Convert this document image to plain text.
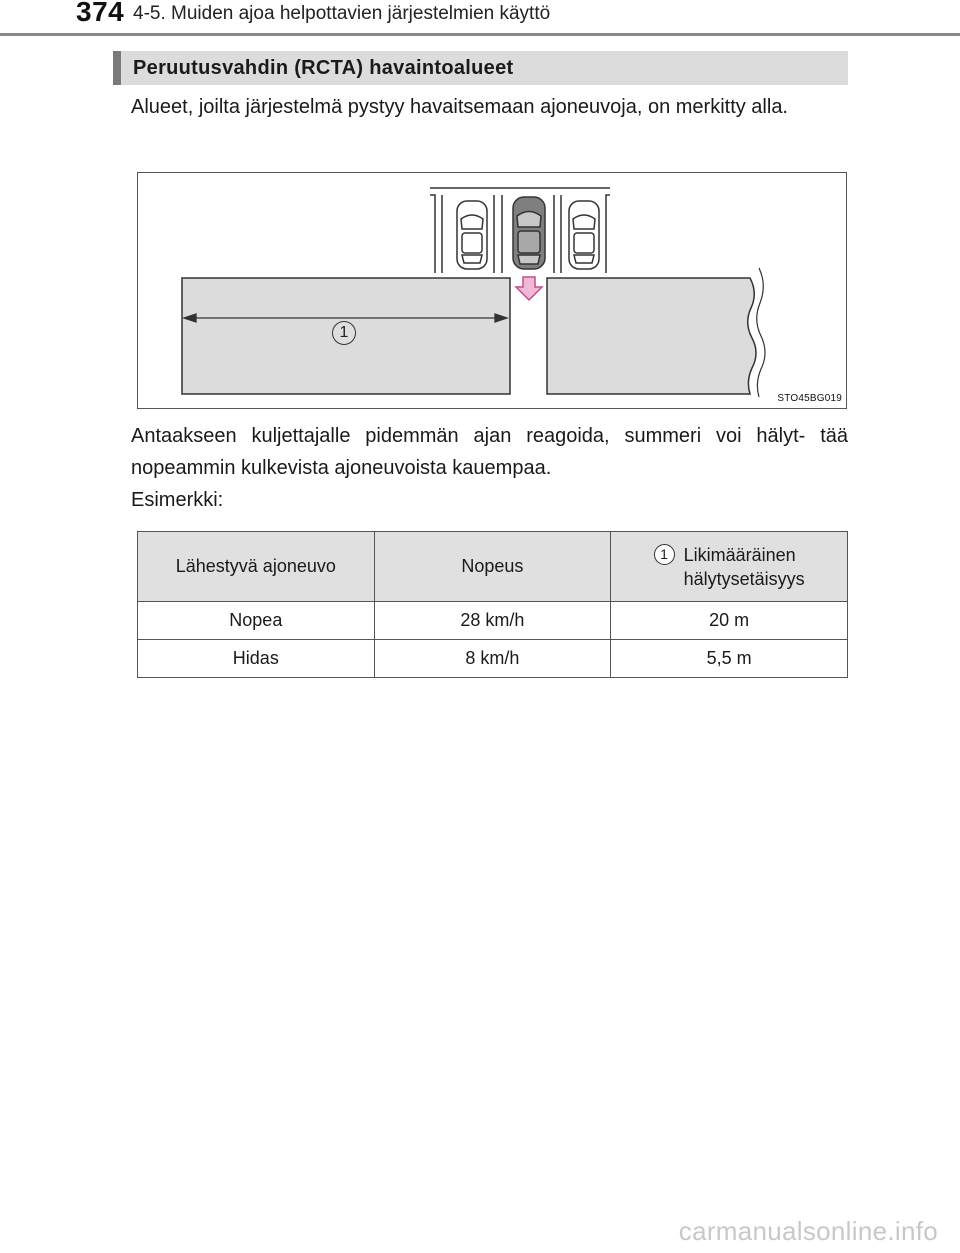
374 4-5. Muiden ajoa helpottavien järjestelmien käyttö
Peruutusvahdin (RCTA) havaintoalueet
Alueet, joilta järjestelmä pystyy havaitsemaan ajoneuvoja, on merkitty alla.
1
STO45BG019
Antaakseen kuljettajalle pidemmän ajan reagoida, summeri voi hälyt- tää nopeammin kulkevista ajoneuvoista kauempaa.
Esimerkki:
Lähestyvä ajoneuvo	Nopeus	1 Likimääräinen
hälytysetäisyys

Nopea	28 km/h	20 m
Hidas	8 km/h	5,5 m
carmanualsonline.info
